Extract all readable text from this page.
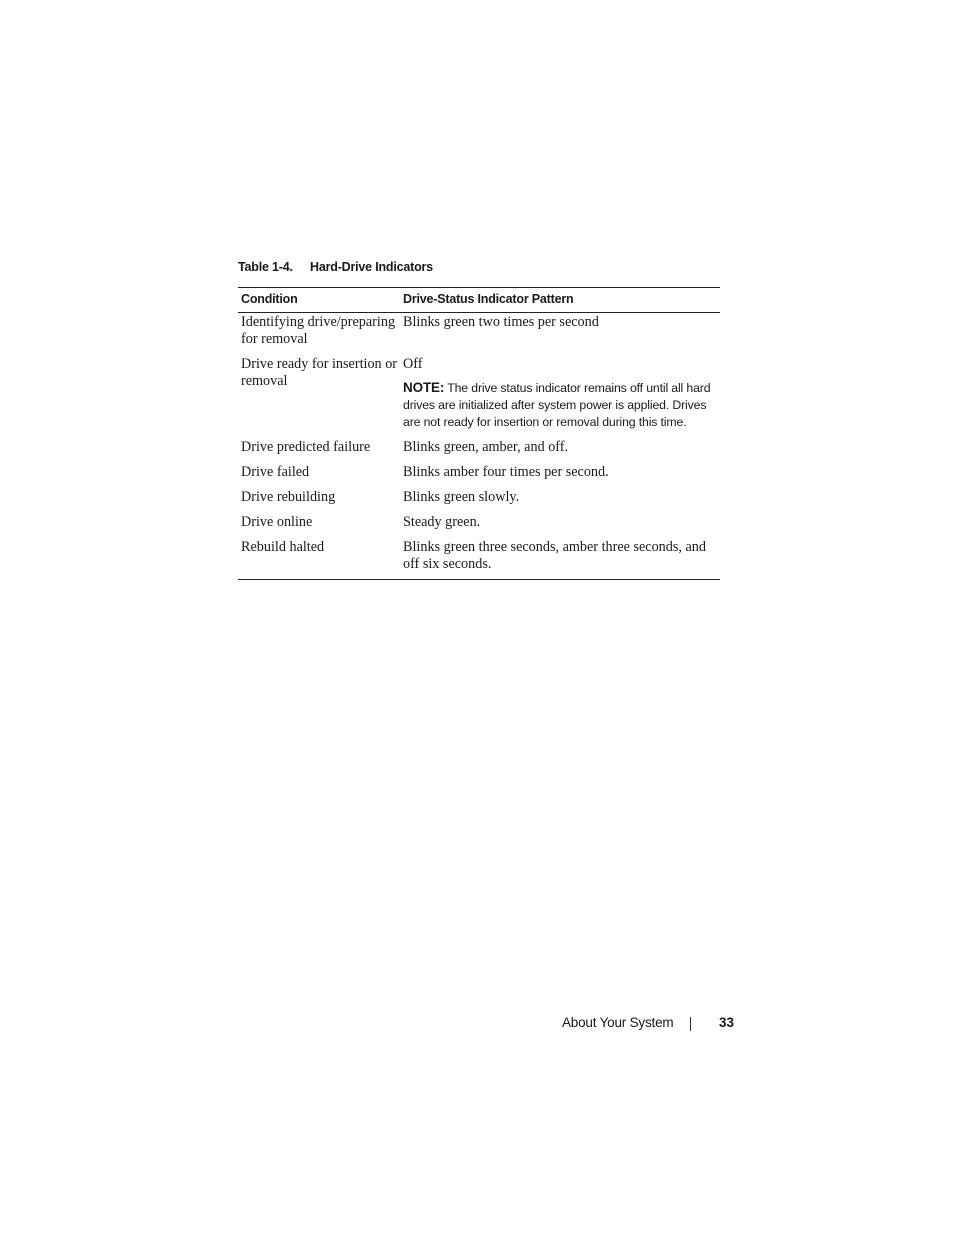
Table 1-4. Hard-Drive Indicators
Condition	Drive-Status Indicator Pattern
Identifying drive/preparing for removal	Blinks green two times per second
Drive ready for insertion or removal	Off
NOTE: The drive status indicator remains off until all hard drives are initialized after system power is applied. Drives are not ready for insertion or removal during this time.

Drive predicted failure	Blinks green, amber, and off.
Drive failed	Blinks amber four times per second.
Drive rebuilding	Blinks green slowly.
Drive online	Steady green.
Rebuild halted	Blinks green three seconds, amber three seconds, and off six seconds.
About Your System	33
